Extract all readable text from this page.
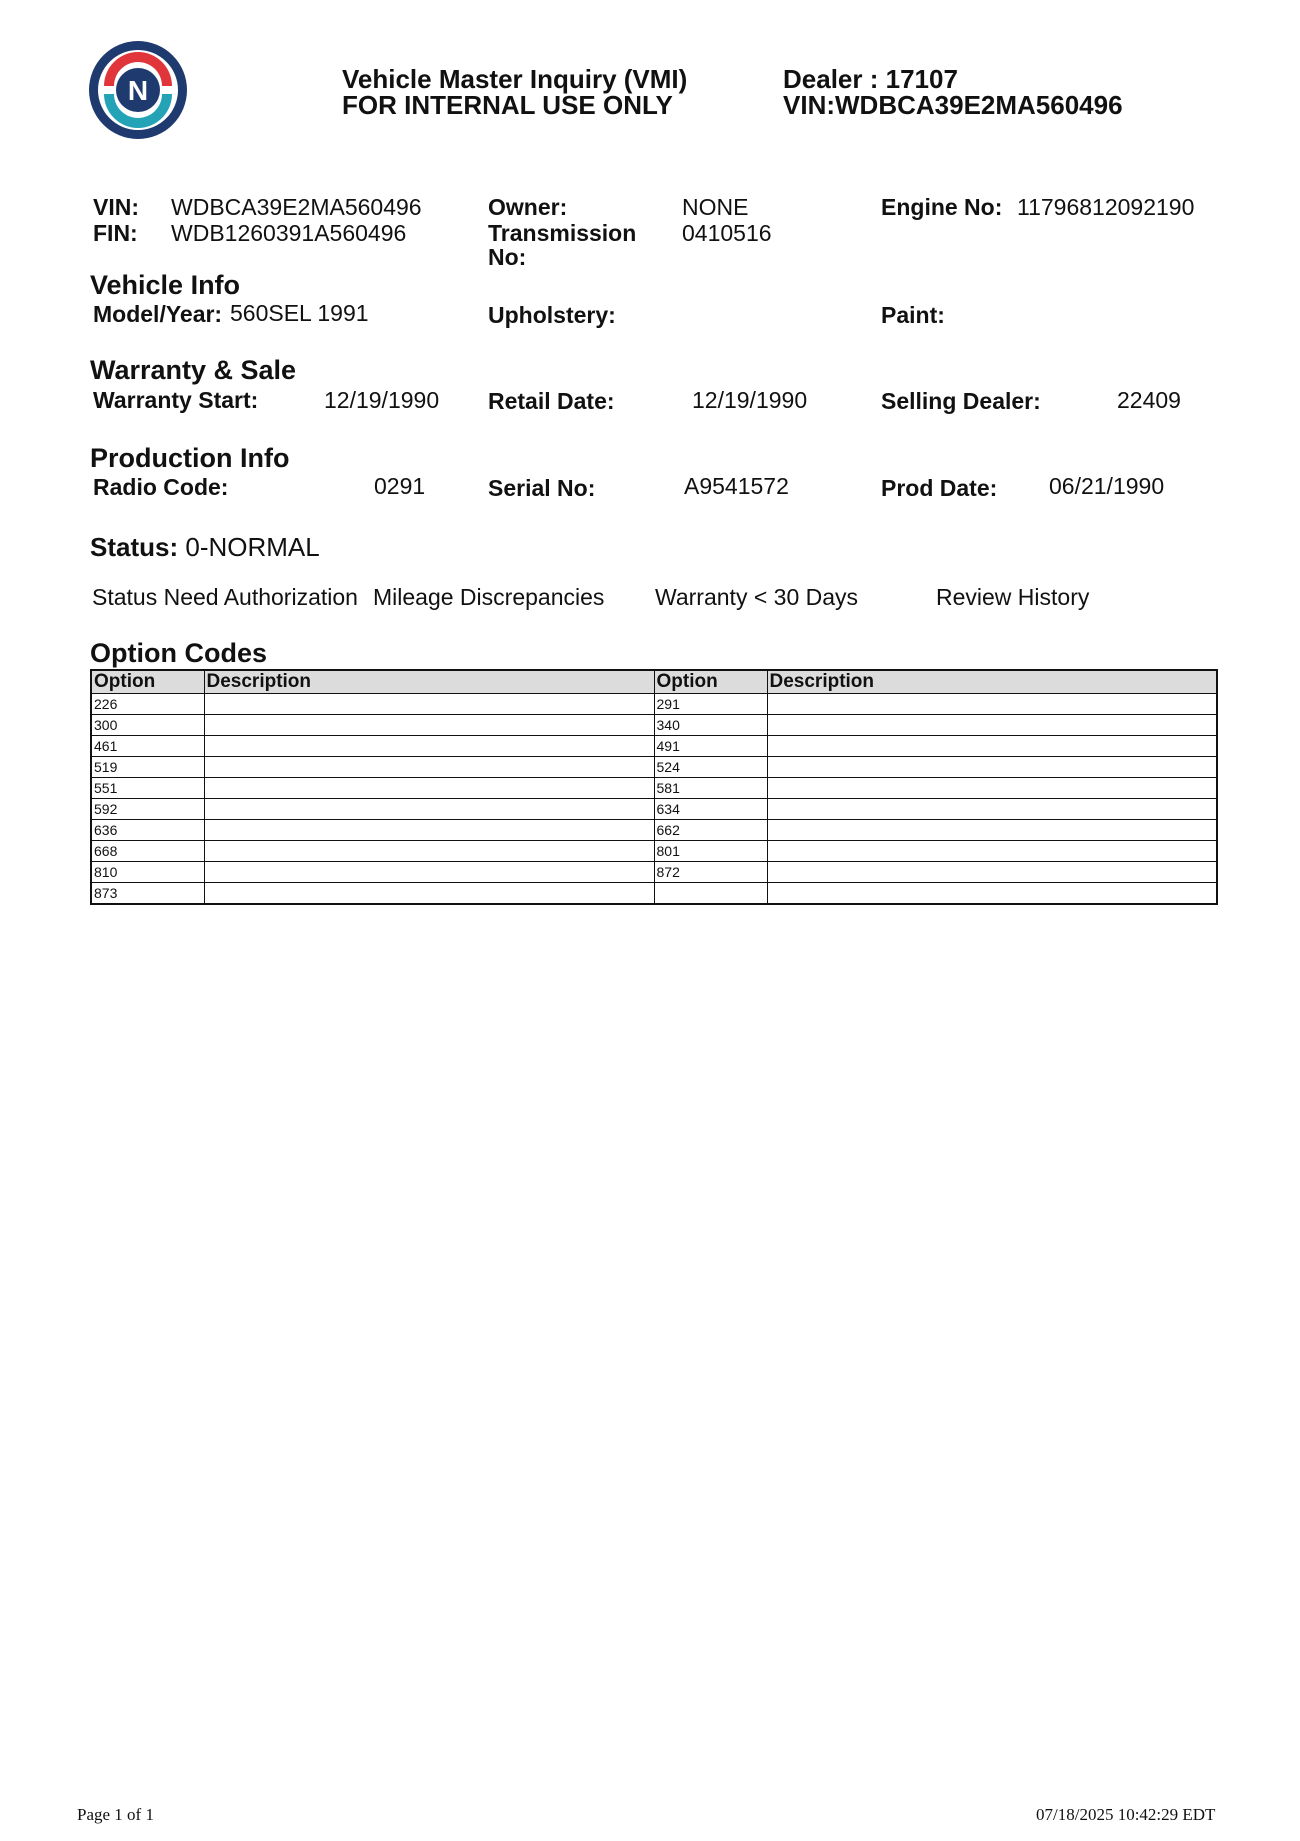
N	Vehicle Master Inquiry (VMI)
FOR INTERNAL USE ONLY
Dealer : 17107
VIN:WDBCA39E2MA560496
VIN: WDBCA39E2MA560496
FIN: WDB1260391A560496
Owner:	NONE
Transmission
No:
0410516
Engine No: 11796812092190
Vehicle Info
Model/Year: 560SEL 1991	Upholstery:	Paint:
Warranty & Sale
Warranty Start:	12/19/1990 Retail Date:	12/19/1990	Selling Dealer:	22409
Production Info
Radio Code:	0291	Serial No:	A9541572	Prod Date: 06/21/1990
Status: 0-NORMAL
Status Need Authorization Mileage Discrepancies Warranty < 30 Days	Review History
Option Codes
Option	Description	Option	Description
226		291	
300		340	
461		491	
519		524	
551		581	
592		634	
636		662	
668		801	
810		872	
873			
Page 1 of 1	07/18/2025 10:42:29 EDT
